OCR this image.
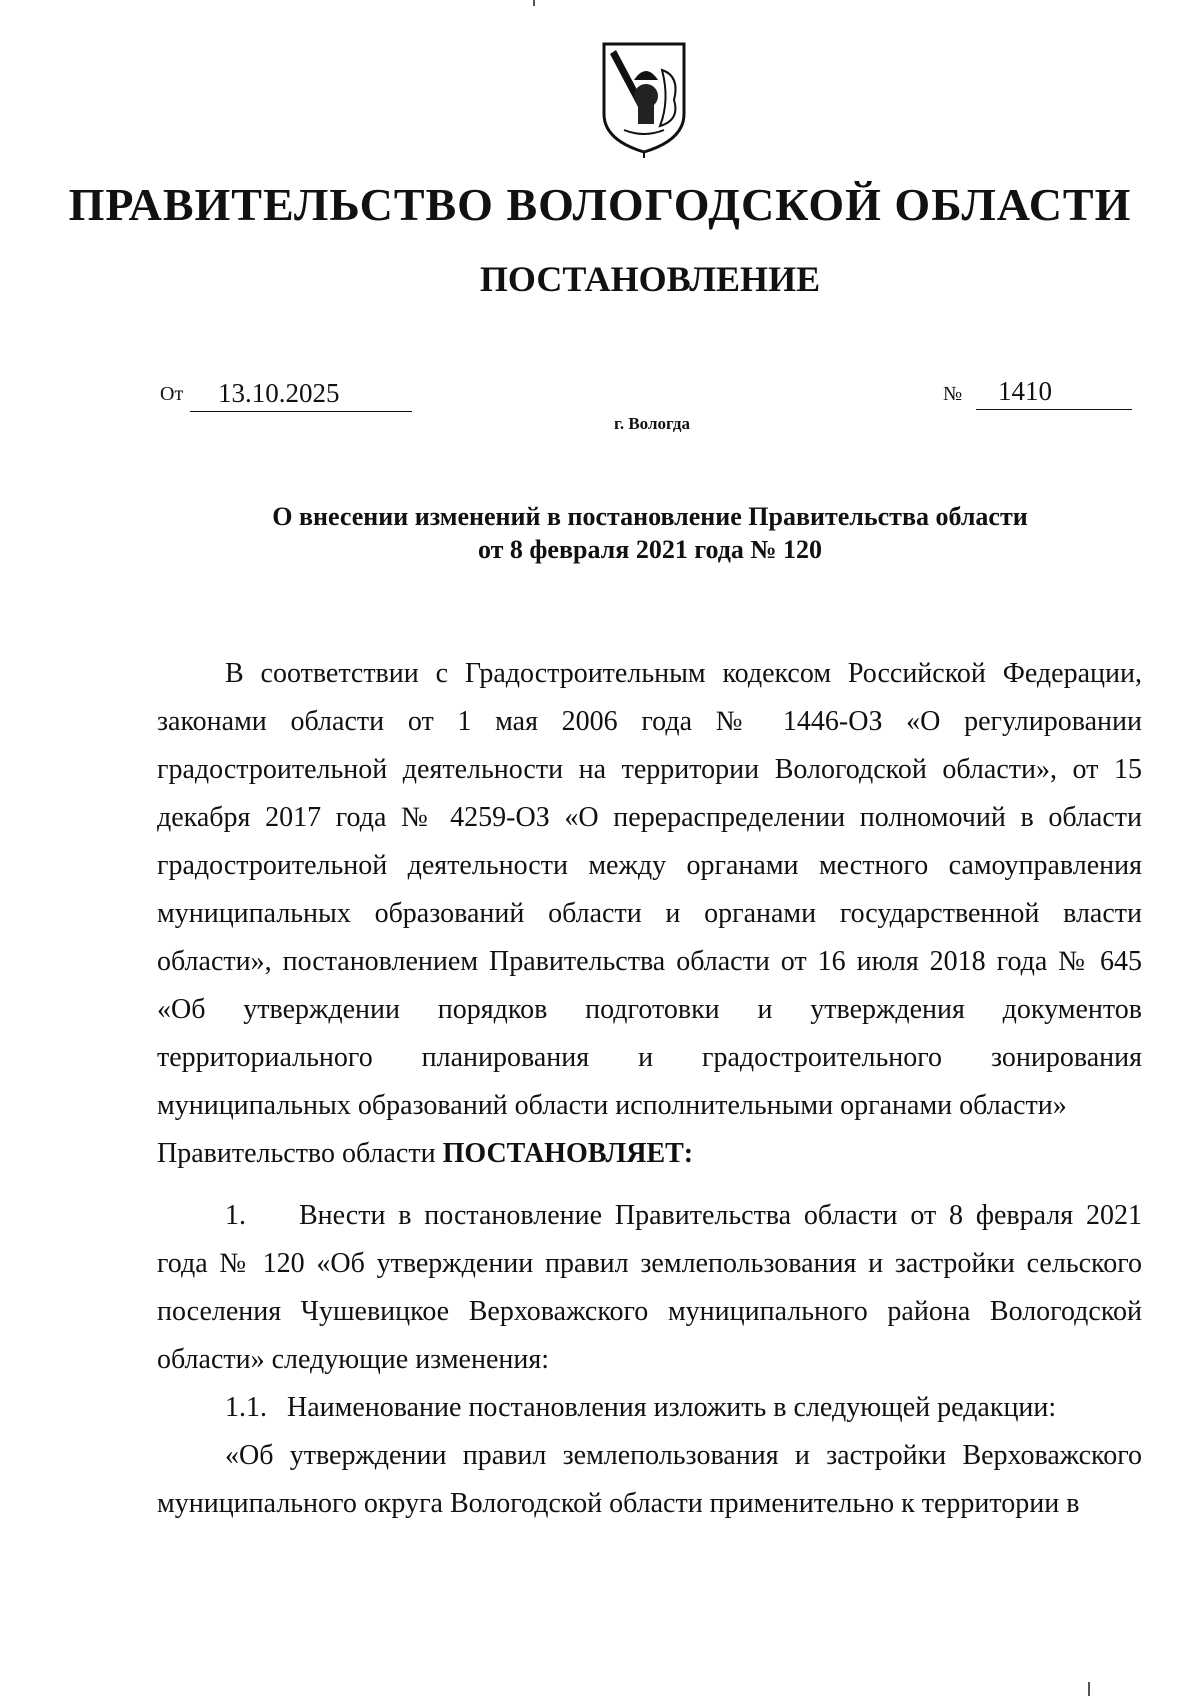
ПРАВИТЕЛЬСТВО ВОЛОГОДСКОЙ ОБЛАСТИ
ПОСТАНОВЛЕНИЕ
От	13.10.2025	№	1410
г. Вологда
О внесении изменений в постановление Правительства области
от 8 февраля 2021 года № 120

В соответствии с Градостроительным кодексом Российской Федерации, законами области от 1 мая 2006 года № 1446-ОЗ «О регулировании градостроительной деятельности на территории Вологодской области», от 15 декабря 2017 года № 4259-ОЗ «О перераспределении полномочий в области градостроительной деятельности между органами местного самоуправления муниципальных образований области и органами государственной власти области», постановлением Правительства области от 16 июля 2018 года № 645 «Об утверждении порядков подготовки и утверждения документов территориального планирования и градостроительного зонирования муниципальных образований области исполнительными органами области»

Правительство области ПОСТАНОВЛЯЕТ:

1. Внести в постановление Правительства области от 8 февраля 2021 года № 120 «Об утверждении правил землепользования и застройки сельского поселения Чушевицкое Верховажского муниципального района Вологодской области» следующие изменения:

1.1. Наименование постановления изложить в следующей редакции:

«Об утверждении правил землепользования и застройки Верховажского муниципального округа Вологодской области применительно к территории в
